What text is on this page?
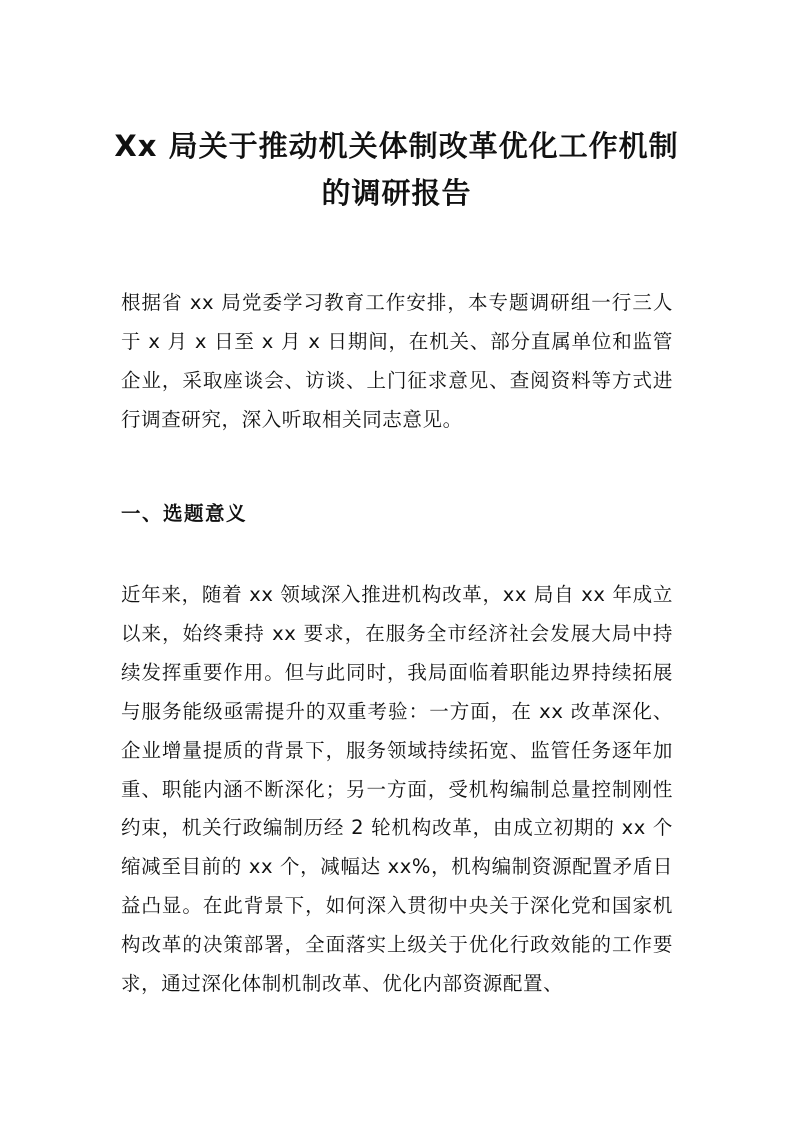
Xx 局关于推动机关体制改革优化工作机制
的调研报告

根据省 xx 局党委学习教育工作安排，本专题调研组一行三人于 x 月 x 日至 x 月 x 日期间，在机关、部分直属单位和监管企业，采取座谈会、访谈、上门征求意见、查阅资料等方式进行调查研究，深入听取相关同志意见。

一、选题意义

近年来，随着 xx 领域深入推进机构改革，xx 局自 xx 年成立以来，始终秉持 xx 要求，在服务全市经济社会发展大局中持续发挥重要作用。但与此同时，我局面临着职能边界持续拓展与服务能级亟需提升的双重考验：一方面，在 xx 改革深化、企业增量提质的背景下，服务领域持续拓宽、监管任务逐年加重、职能内涵不断深化；另一方面，受机构编制总量控制刚性约束，机关行政编制历经 2 轮机构改革，由成立初期的 xx 个缩减至目前的 xx 个，减幅达 xx%，机构编制资源配置矛盾日益凸显。在此背景下，如何深入贯彻中央关于深化党和国家机构改革的决策部署，全面落实上级关于优化行政效能的工作要求，通过深化体制机制改革、优化内部资源配置、
